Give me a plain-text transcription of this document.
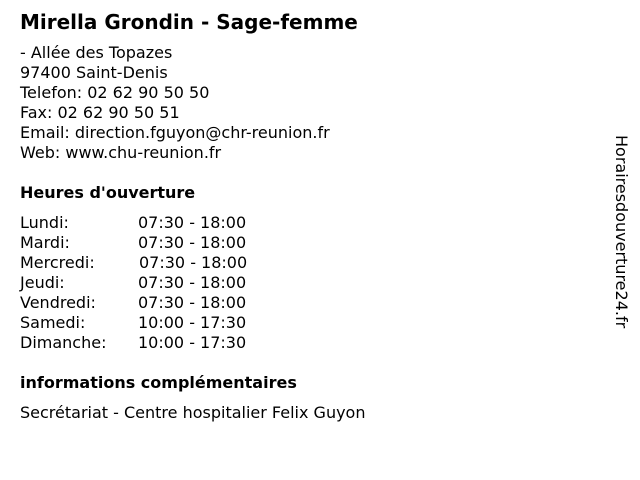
Mirella Grondin - Sage-femme
- Allée des Topazes
97400 Saint-Denis
Telefon: 02 62 90 50 50
Fax: 02 62 90 50 51
Email: direction.fguyon@chr-reunion.fr
Web: www.chu-reunion.fr
Heures d'ouverture
Lundi:	07:30 - 18:00
Mardi:	07:30 - 18:00
Mercredi:	07:30 - 18:00
Jeudi:	07:30 - 18:00
Vendredi:	07:30 - 18:00
Samedi:	10:00 - 17:30
Dimanche: 10:00 - 17:30
informations complémentaires
Secrétariat - Centre hospitalier Felix Guyon
Horairesdouverture24.fr
